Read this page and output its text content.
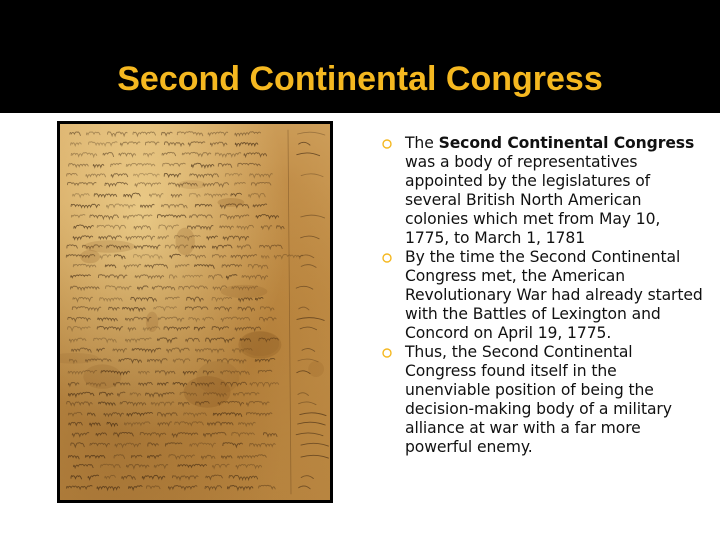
Second Continental Congress
The Second Continental Congress was a body of representatives appointed by the legislatures of several British North American colonies which met from May 10, 1775, to March 1, 1781
By the time the Second Continental Congress met, the American Revolutionary War had already started with the Battles of Lexington and Concord on April 19, 1775.
Thus, the Second Continental Congress found itself in the unenviable position of being the decision-making body of a military alliance at war with a far more powerful enemy.
